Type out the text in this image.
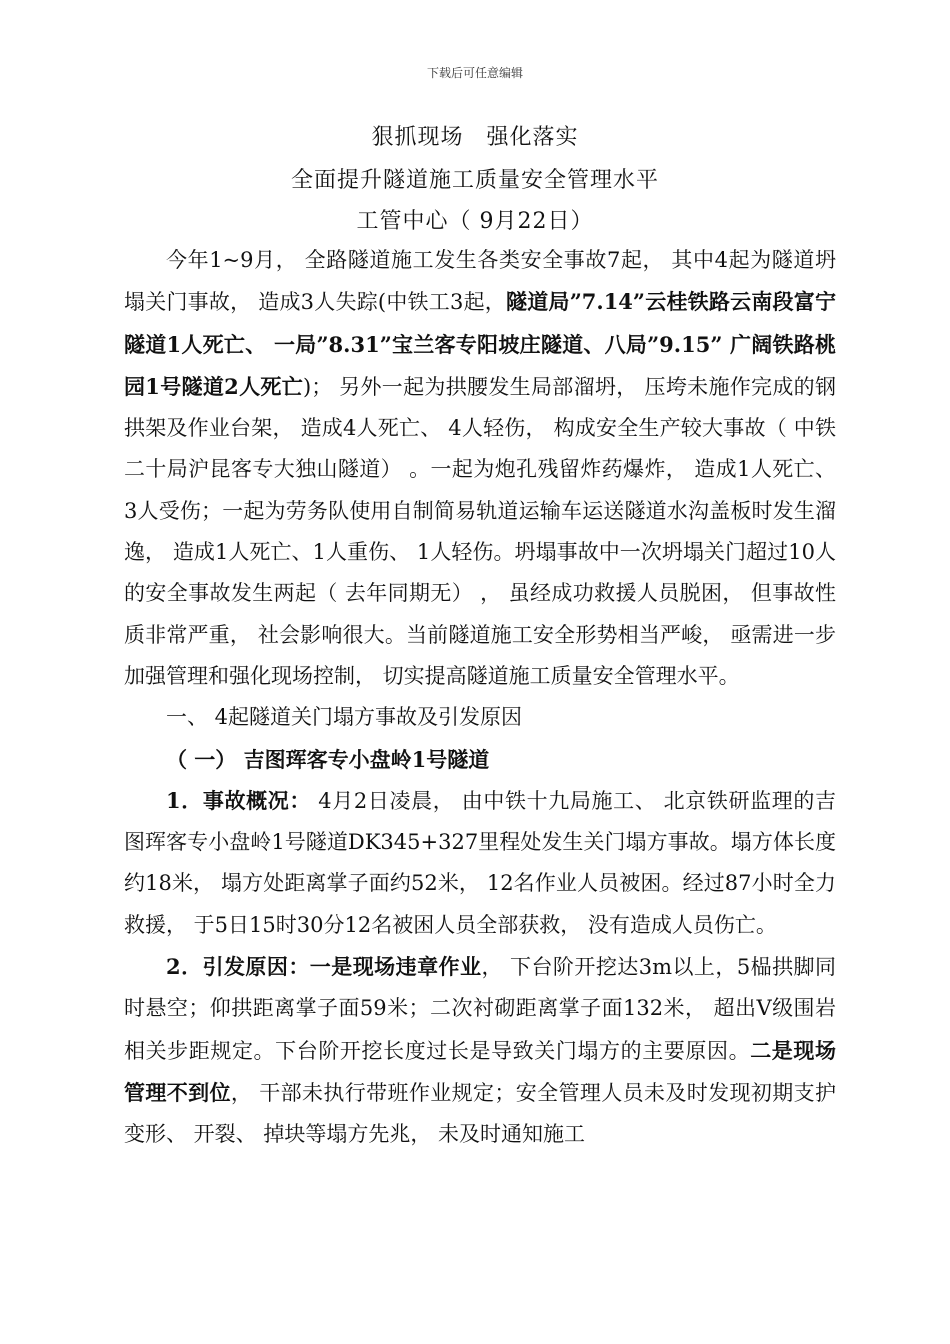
下载后可任意编辑
狠抓现场　强化落实
全面提升隧道施工质量安全管理水平
工管中心（ 9月22日）

今年1~9月， 全路隧道施工发生各类安全事故7起， 其中4起为隧道坍塌关门事故， 造成3人失踪(中铁工3起，隧道局”7.14”云桂铁路云南段富宁隧道1人死亡、 一局”8.31”宝兰客专阳坡庄隧道、八局”9.15” 广阔铁路桃园1号隧道2人死亡)； 另外一起为拱腰发生局部溜坍， 压垮未施作完成的钢拱架及作业台架， 造成4人死亡、 4人轻伤， 构成安全生产较大事故（ 中铁二十局沪昆客专大独山隧道） 。一起为炮孔残留炸药爆炸， 造成1人死亡、3人受伤；一起为劳务队使用自制简易轨道运输车运送隧道水沟盖板时发生溜逸， 造成1人死亡、1人重伤、 1人轻伤。坍塌事故中一次坍塌关门超过10人的安全事故发生两起（ 去年同期无） ， 虽经成功救援人员脱困， 但事故性质非常严重， 社会影响很大。当前隧道施工安全形势相当严峻， 亟需进一步加强管理和强化现场控制， 切实提高隧道施工质量安全管理水平。

一、 4起隧道关门塌方事故及引发原因

（ 一） 吉图珲客专小盘岭1号隧道

1．事故概况： 4月2日凌晨， 由中铁十九局施工、 北京铁研监理的吉图珲客专小盘岭1号隧道DK345+327里程处发生关门塌方事故。塌方体长度约18米， 塌方处距离掌子面约52米， 12名作业人员被困。经过87小时全力救援， 于5日15时30分12名被困人员全部获救， 没有造成人员伤亡。

2．引发原因：一是现场违章作业， 下台阶开挖达3m以上，5榀拱脚同时悬空；仰拱距离掌子面59米；二次衬砌距离掌子面132米， 超出Ⅴ级围岩相关步距规定。下台阶开挖长度过长是导致关门塌方的主要原因。二是现场管理不到位， 干部未执行带班作业规定；安全管理人员未及时发现初期支护变形、 开裂、 掉块等塌方先兆， 未及时通知施工
